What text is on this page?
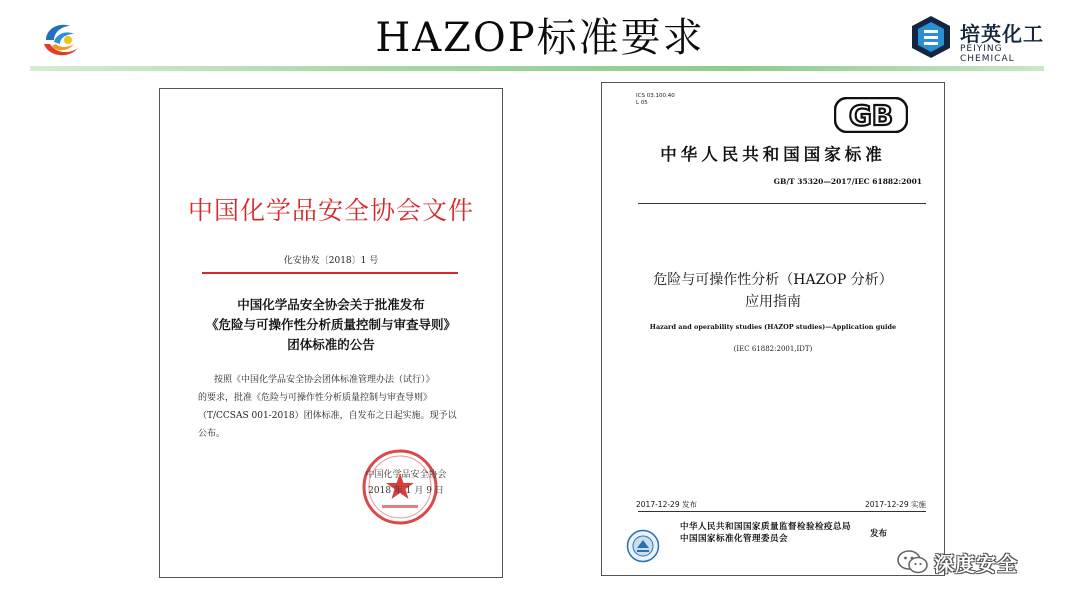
HAZOP标准要求	培英化工
PEIYING CHEMICAL
中国化学品安全协会文件
化安协发〔2018〕1 号
中国化学品安全协会关于批准发布
《危险与可操作性分析质量控制与审查导则》
团体标准的公告
按照《中国化学品安全协会团体标准管理办法（试行）》
的要求，批准《危险与可操作性分析质量控制与审查导则》
（T/CCSAS 001-2018）团体标准，自发布之日起实施。现予以
公布。
中国化学品安全协会
2018 年 1 月 9 日
ICS 03.100.40
L 05	GB
中华人民共和国国家标准
GB/T 35320—2017/IEC 61882:2001
危险与可操作性分析（HAZOP 分析）
应用指南
Hazard and operability studies (HAZOP studies)—Application guide
(IEC 61882:2001,IDT)
2017-12-29 发布	2017-12-29 实施
中华人民共和国国家质量监督检验检疫总局
中国国家标准化管理委员会	发布
深度安全
